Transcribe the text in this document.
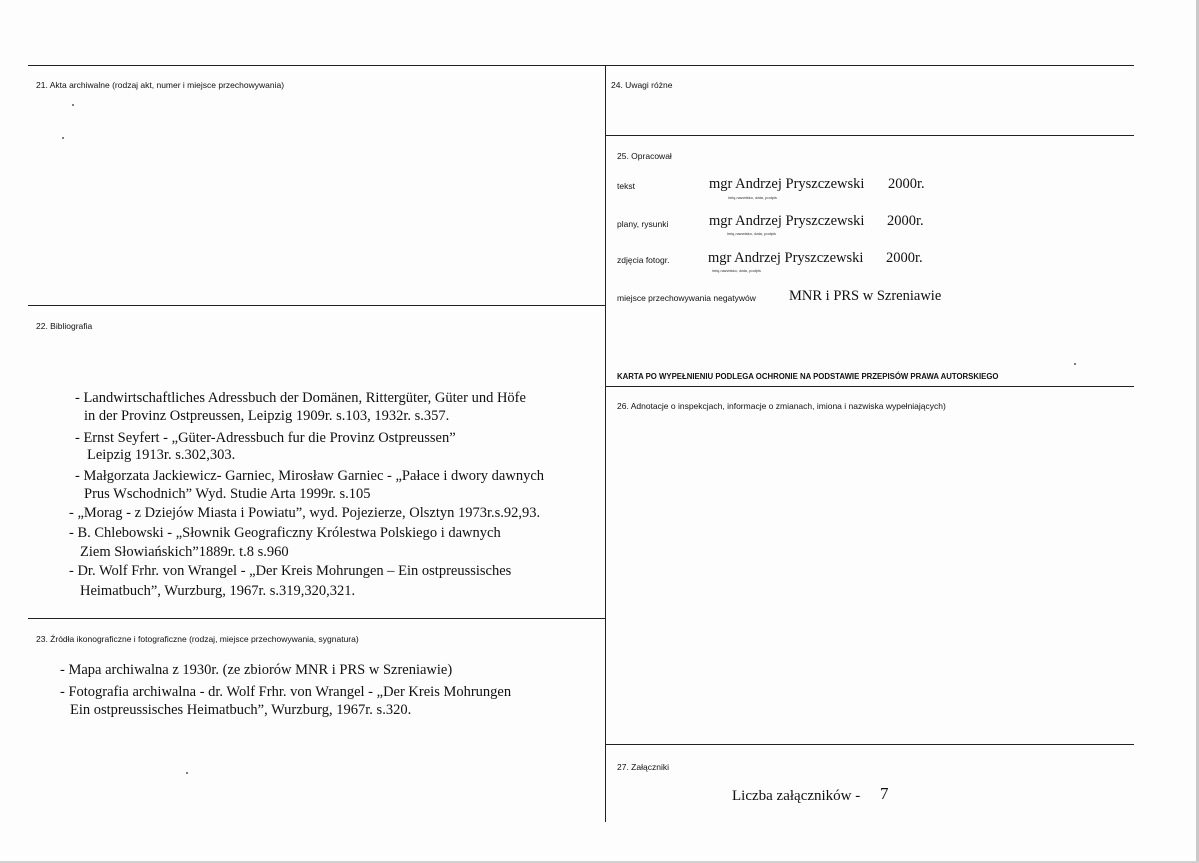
21. Akta archiwalne (rodzaj akt, numer i miejsce przechowywania)
22. Bibliografia
- Landwirtschaftliches Adressbuch der Domänen, Rittergüter, Güter und Höfe
in der Provinz Ostpreussen, Leipzig 1909r. s.103, 1932r. s.357.
- Ernst Seyfert - „Güter-Adressbuch fur die Provinz Ostpreussen”
Leipzig 1913r. s.302,303.
- Małgorzata Jackiewicz- Garniec, Mirosław Garniec - „Pałace i dwory dawnych
Prus Wschodnich” Wyd. Studie Arta 1999r. s.105
- „Morag - z Dziejów Miasta i Powiatu”, wyd. Pojezierze, Olsztyn 1973r.s.92,93.
- B. Chlebowski - „Słownik Geograficzny Królestwa Polskiego i dawnych
Ziem Słowiańskich”1889r. t.8 s.960
- Dr. Wolf Frhr. von Wrangel - „Der Kreis Mohrungen – Ein ostpreussisches
Heimatbuch”, Wurzburg, 1967r. s.319,320,321.
23. Źródła ikonograficzne i fotograficzne (rodzaj, miejsce przechowywania, sygnatura)
- Mapa archiwalna z 1930r. (ze zbiorów MNR i PRS w Szreniawie)
- Fotografia archiwalna - dr. Wolf Frhr. von Wrangel - „Der Kreis Mohrungen
Ein ostpreussisches Heimatbuch”, Wurzburg, 1967r. s.320.
24. Uwagi różne
25. Opracował
tekst	mgr Andrzej Pryszczewski 2000r.
imię,nazwisko, data, podpis
plany, rysunki	mgr Andrzej Pryszczewski 2000r.
imię,nazwisko, data, podpis
zdjęcia fotogr.	mgr Andrzej Pryszczewski 2000r.
imię,nazwisko, data, podpis
miejsce przechowywania negatywów MNR i PRS w Szreniawie
KARTA PO WYPEŁNIENIU PODLEGA OCHRONIE NA PODSTAWIE PRZEPISÓW PRAWA AUTORSKIEGO
26. Adnotacje o inspekcjach, informacje o zmianach, imiona i nazwiska wypełniających)
27. Załączniki
Liczba załączników - 7
